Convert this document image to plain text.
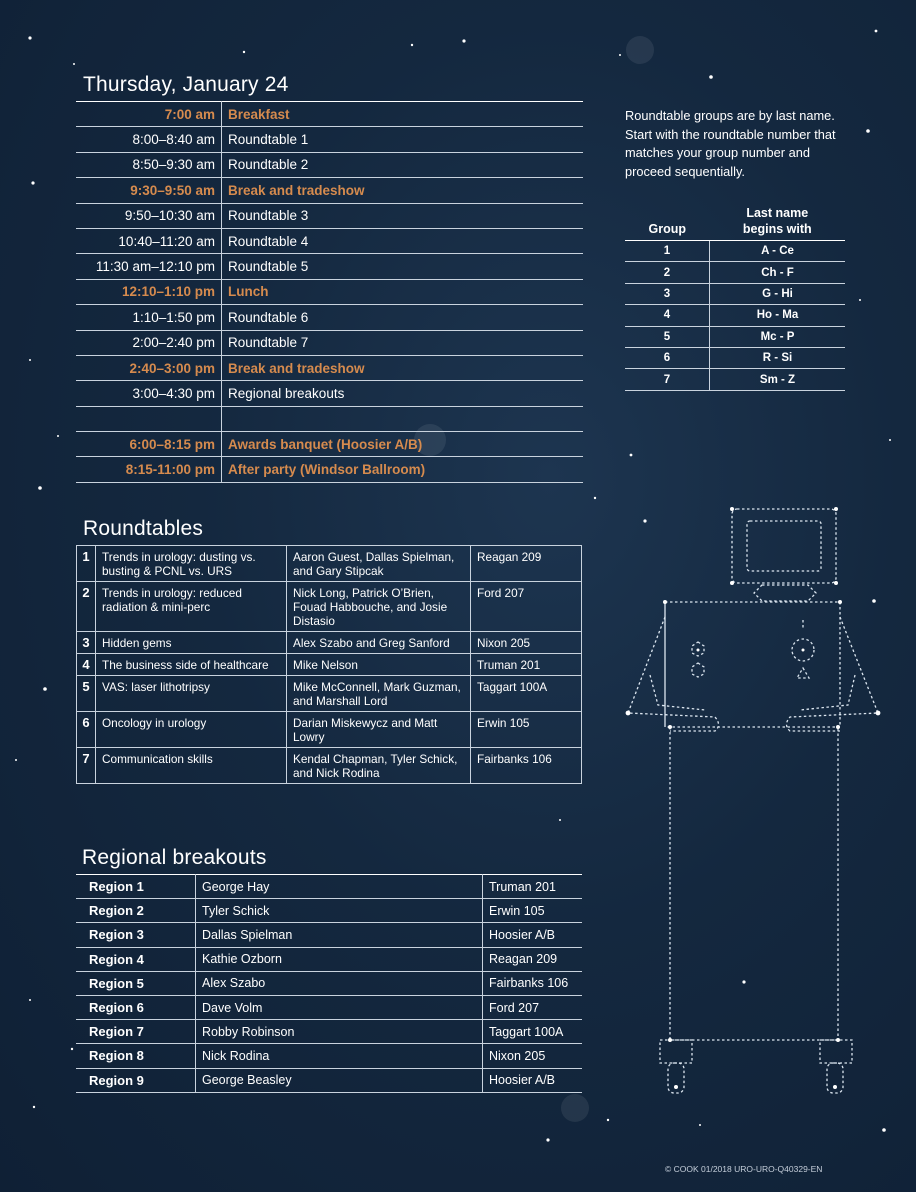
Thursday, January 24
7:00 am	Breakfast
8:00–8:40 am	Roundtable 1
8:50–9:30 am	Roundtable 2
9:30–9:50 am	Break and tradeshow
9:50–10:30 am	Roundtable 3
10:40–11:20 am	Roundtable 4
11:30 am–12:10 pm	Roundtable 5
12:10–1:10 pm	Lunch
1:10–1:50 pm	Roundtable 6
2:00–2:40 pm	Roundtable 7
2:40–3:00 pm	Break and tradeshow
3:00–4:30 pm	Regional breakouts

6:00–8:15 pm	Awards banquet (Hoosier A/B)
8:15-11:00 pm	After party (Windsor Ballroom)

Roundtable groups are by last name. Start with the roundtable number that matches your group number and proceed sequentially.

Group	Last name begins with
1	A - Ce
2	Ch - F
3	G - Hi
4	Ho - Ma
5	Mc - P
6	R - Si
7	Sm - Z
Roundtables
1	Trends in urology: dusting vs. busting & PCNL vs. URS	Aaron Guest, Dallas Spielman, and Gary Stipcak	Reagan 209
2	Trends in urology: reduced radiation & mini-perc	Nick Long, Patrick O’Brien, Fouad Habbouche, and Josie Distasio	Ford 207
3	Hidden gems	Alex Szabo and Greg Sanford	Nixon 205
4	The business side of healthcare	Mike Nelson	Truman 201
5	VAS: laser lithotripsy	Mike McConnell, Mark Guzman, and Marshall Lord	Taggart 100A
6	Oncology in urology	Darian Miskewycz and Matt Lowry	Erwin 105
7	Communication skills	Kendal Chapman, Tyler Schick, and Nick Rodina	Fairbanks 106
Regional breakouts
Region 1	George Hay	Truman 201
Region 2	Tyler Schick	Erwin 105
Region 3	Dallas Spielman	Hoosier A/B
Region 4	Kathie Ozborn	Reagan 209
Region 5	Alex Szabo	Fairbanks 106
Region 6	Dave Volm	Ford 207
Region 7	Robby Robinson	Taggart 100A
Region 8	Nick Rodina	Nixon 205
Region 9	George Beasley	Hoosier A/B
© COOK 01/2018 URO-URO-Q40329-EN
